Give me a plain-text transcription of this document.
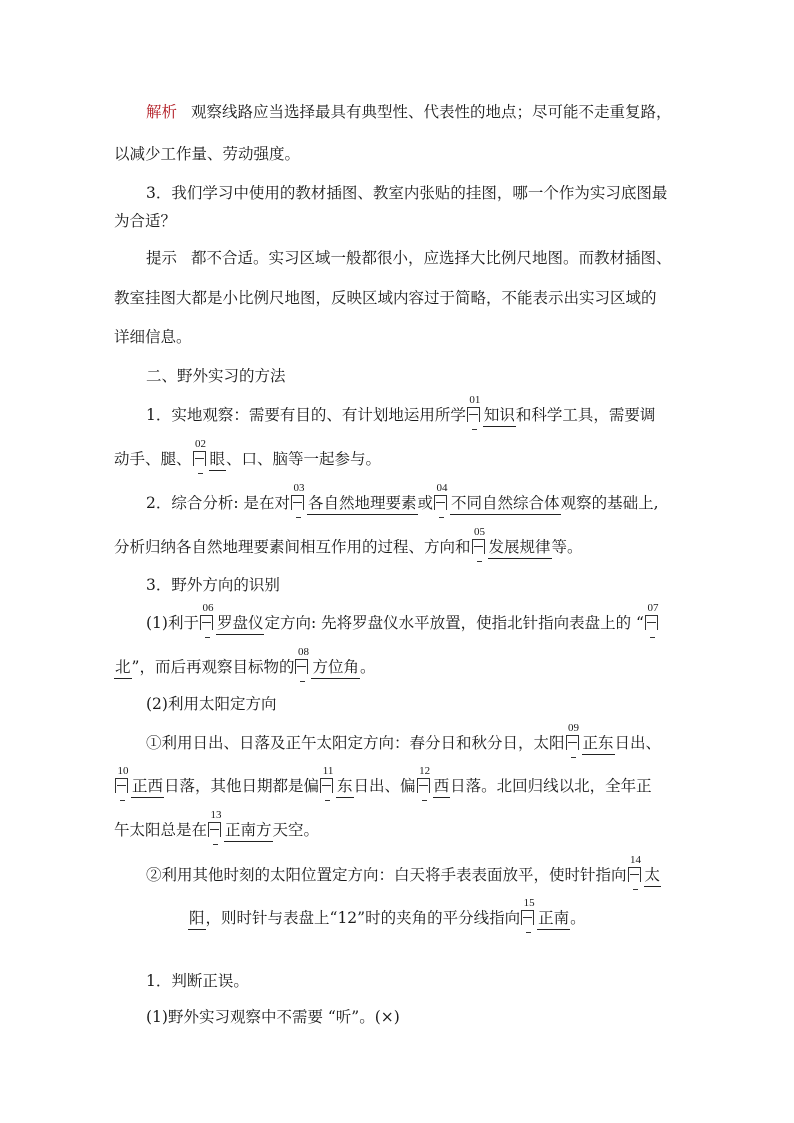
解析 观察线路应当选择最具有典型性、代表性的地点；尽可能不走重复路，
以减少工作量、劳动强度。
3．我们学习中使用的教材插图、教室内张贴的挂图，哪一个作为实习底图最
为合适？
提示 都不合适。实习区域一般都很小，应选择大比例尺地图。而教材插图、
教室挂图大都是小比例尺地图，反映区域内容过于简略，不能表示出实习区域的
详细信息。
二、野外实习的方法
1．实地观察：需要有目的、有计划地运用所学
01
知识和科学工具，需要调
动手、腿、
02
眼、口、脑等一起参与。
2．综合分析: 是在对
03
各自然地理要素或
04
不同自然综合体观察的基础上,
分析归纳各自然地理要素间相互作用的过程、方向和
05
发展规律等。
3．野外方向的识别
(1)利于
06
罗盘仪定方向: 先将罗盘仪水平放置，使指北针指向表盘上的 “
07
北”，而后再观察目标物的
08
方位角。
(2)利用太阳定方向
①利用日出、日落及正午太阳定方向：春分日和秋分日，太阳
09
正东日出、
10
正西日落，其他日期都是偏
11
东日出、偏
12
西日落。北回归线以北，全年正
午太阳总是在
13
正南方天空。
②利用其他时刻的太阳位置定方向：白天将手表表面放平，使时针指向
14
太
阳，则时针与表盘上“12”时的夹角的平分线指向
15
正南。
1．判断正误。
(1)野外实习观察中不需要 “听”。(×)
